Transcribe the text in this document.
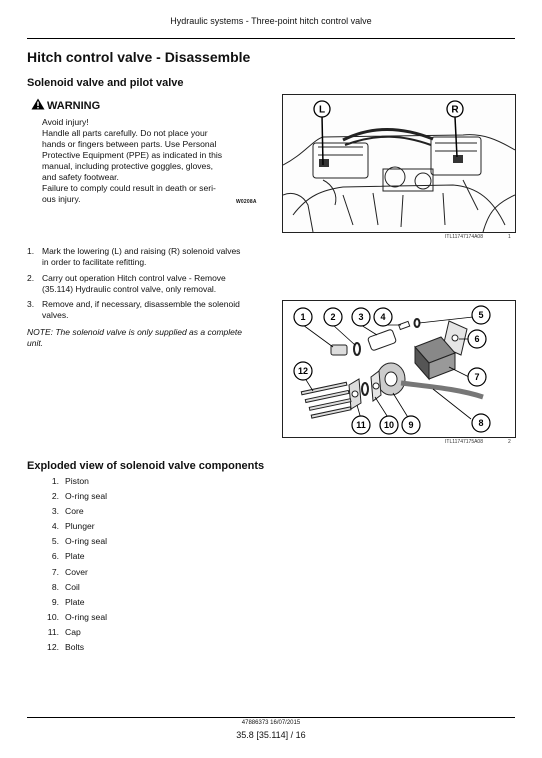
Hydraulic systems - Three-point hitch control valve
Hitch control valve - Disassemble
Solenoid valve and pilot valve
WARNING
Avoid injury!
Handle all parts carefully. Do not place your
hands or fingers between parts. Use Personal
Protective Equipment (PPE) as indicated in this
manual, including protective goggles, gloves,
and safety footwear.
Failure to comply could result in death or seri-
ous injury.	W0208A
L	R
ITL11747174A08	1
1. Mark the lowering (L) and raising (R) solenoid valves
in order to facilitate refitting.
2. Carry out operation Hitch control valve - Remove
(35.114) Hydraulic control valve, only removal.
3. Remove and, if necessary, disassemble the solenoid
valves.
NOTE: The solenoid valve is only supplied as a complete
unit.
1	2	3 4	5
6
7
8
9
10
11
12
ITL11747175A08	2
Exploded view of solenoid valve components
1. Piston
2. O-ring seal
3. Core
4. Plunger
5. O-ring seal
6. Plate
7. Cover
8. Coil
9. Plate
10. O-ring seal
11. Cap
12. Bolts
47886373 16/07/2015
35.8 [35.114] / 16
